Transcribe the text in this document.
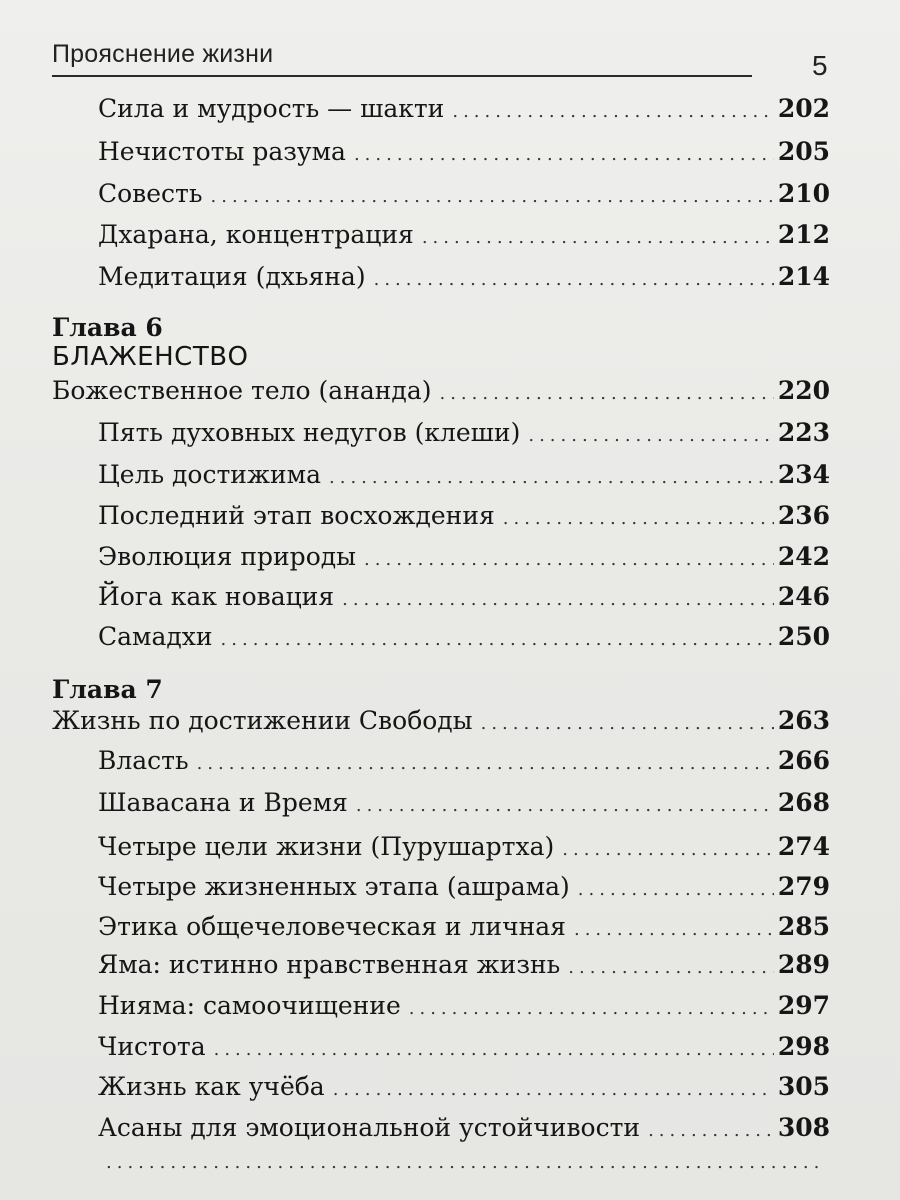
Прояснение жизни	5
Сила и мудрость — шакти .....	202
Нечистоты разума .....	205
Совесть .....	210
Дхарана, концентрация .....	212
Медитация (дхьяна) .....	214
Глава 6
БЛАЖЕНСТВО
Божественное тело (ананда) .....	220
Пять духовных недугов (клеши) .....	223
Цель достижима .....	234
Последний этап восхождения .....	236
Эволюция природы .....	242
Йога как новация .....	246
Самадхи .....	250
Глава 7
Жизнь по достижении Свободы .....	263
Власть .....	266
Шавасана и Время .....	268
Четыре цели жизни (Пурушартха) .....	274
Четыре жизненных этапа (ашрама) .....	279
Этика общечеловеческая и личная .....	285
Яма: истинно нравственная жизнь .....	289
Нияма: самоочищение .....	297
Чистота .....	298
Жизнь как учёба .....	305
Асаны для эмоциональной устойчивости .....	308
.....
